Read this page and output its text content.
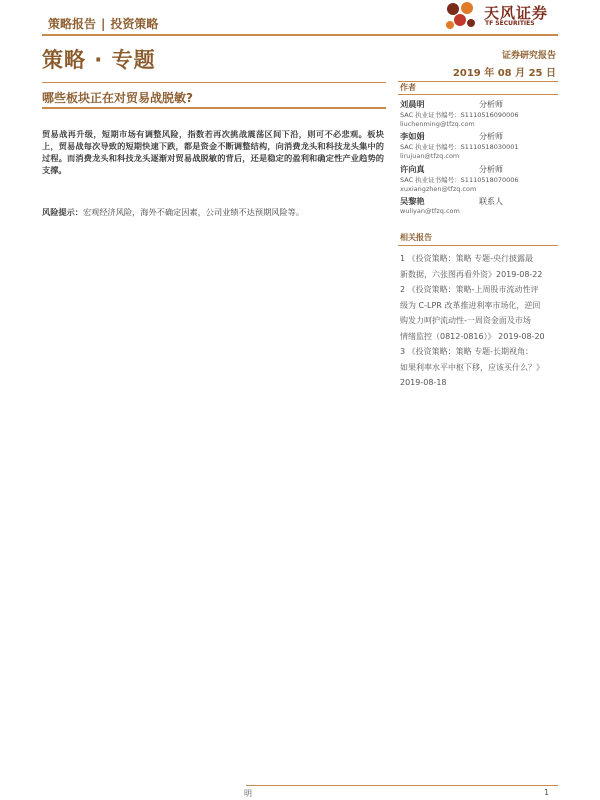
策略报告 | 投资策略
天风证券
TF SECURITIES
策略 · 专题	证券研究报告
2019 年 08 月 25 日
哪些板块正在对贸易战脱敏?
贸易战再升级，短期市场有调整风险，指数若再次挑战震荡区间下沿，则可不必悲观。板块上，贸易战每次导致的短期快速下跌，都是资金不断调整结构，向消费龙头和科技龙头集中的过程。而消费龙头和科技龙头逐渐对贸易战脱敏的背后，还是稳定的盈利和确定性产业趋势的支撑。
风险提示：宏观经济风险，海外不确定因素，公司业绩不达预期风险等。
作者
刘晨明	分析师
SAC 执业证书编号：S1110516090006
liuchenming@tfzq.com
李如娟	分析师
SAC 执业证书编号：S1110518030001
lirujuan@tfzq.com
许向真	分析师
SAC 执业证书编号：S1110518070006
xuxiangzhen@tfzq.com
吴黎艳	联系人
wuliyan@tfzq.com
相关报告
1 《投资策略：策略 专题-央行披露最
新数据，六张图再看外资》2019-08-22
2 《投资策略：策略-上周股市流动性评
级为 C-LPR 改革推进利率市场化，逆回
购发力呵护流动性-一周资金面及市场
情绪监控（0812-0816）》 2019-08-20
3 《投资策略：策略 专题-长期视角：
如果利率水平中枢下移，应该买什么？》
2019-08-18
明	1
